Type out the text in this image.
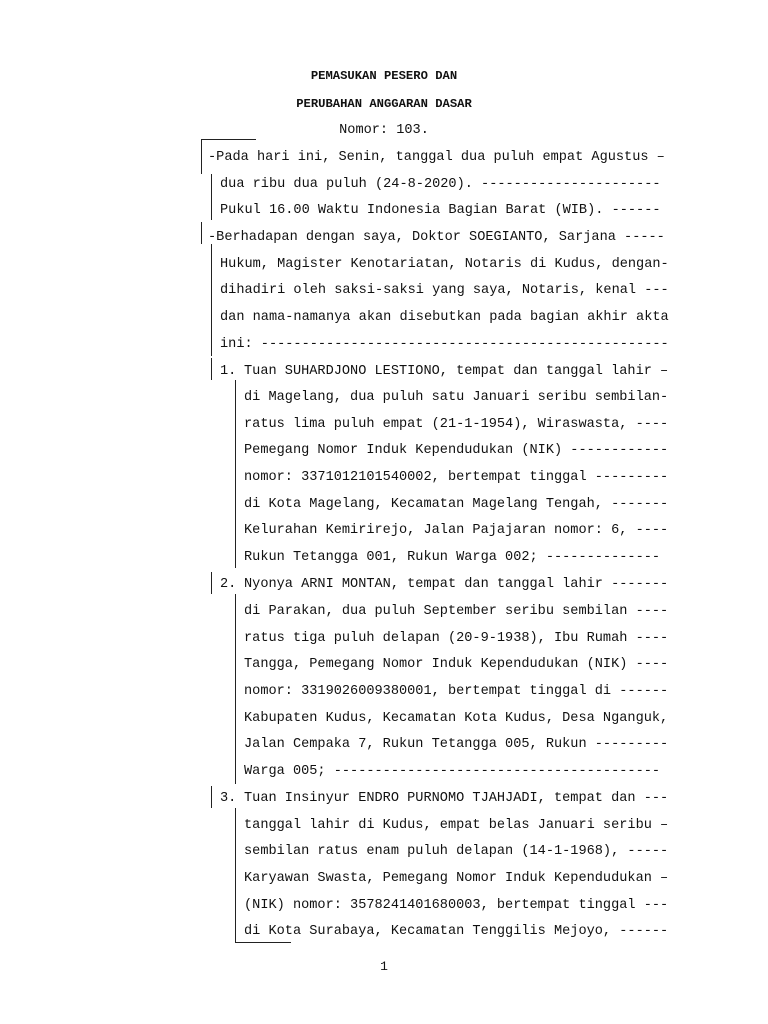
PEMASUKAN PESERO DAN
PERUBAHAN ANGGARAN DASAR
Nomor: 103.

-Pada hari ini, Senin, tanggal dua puluh empat Agustus –

dua ribu dua puluh (24-8-2020). ----------------------

Pukul 16.00 Waktu Indonesia Bagian Barat (WIB). ------

-Berhadapan dengan saya, Doktor SOEGIANTO, Sarjana -----

Hukum, Magister Kenotariatan, Notaris di Kudus, dengan-

dihadiri oleh saksi-saksi yang saya, Notaris, kenal ---

dan nama-namanya akan disebutkan pada bagian akhir akta

ini: --------------------------------------------------

1. Tuan SUHARDJONO LESTIONO, tempat dan tanggal lahir –

di Magelang, dua puluh satu Januari seribu sembilan-

ratus lima puluh empat (21-1-1954), Wiraswasta, ----

Pemegang Nomor Induk Kependudukan (NIK) ------------

nomor: 3371012101540002, bertempat tinggal ---------

di Kota Magelang, Kecamatan Magelang Tengah, -------

Kelurahan Kemirirejo, Jalan Pajajaran nomor: 6, ----

Rukun Tetangga 001, Rukun Warga 002; --------------

2. Nyonya ARNI MONTAN, tempat dan tanggal lahir -------

di Parakan, dua puluh September seribu sembilan ----

ratus tiga puluh delapan (20-9-1938), Ibu Rumah ----

Tangga, Pemegang Nomor Induk Kependudukan (NIK) ----

nomor: 3319026009380001, bertempat tinggal di ------

Kabupaten Kudus, Kecamatan Kota Kudus, Desa Nganguk,

Jalan Cempaka 7, Rukun Tetangga 005, Rukun ---------

Warga 005; ----------------------------------------

3. Tuan Insinyur ENDRO PURNOMO TJAHJADI, tempat dan ---

tanggal lahir di Kudus, empat belas Januari seribu –

sembilan ratus enam puluh delapan (14-1-1968), -----

Karyawan Swasta, Pemegang Nomor Induk Kependudukan –

(NIK) nomor: 3578241401680003, bertempat tinggal ---

di Kota Surabaya, Kecamatan Tenggilis Mejoyo, ------

1
